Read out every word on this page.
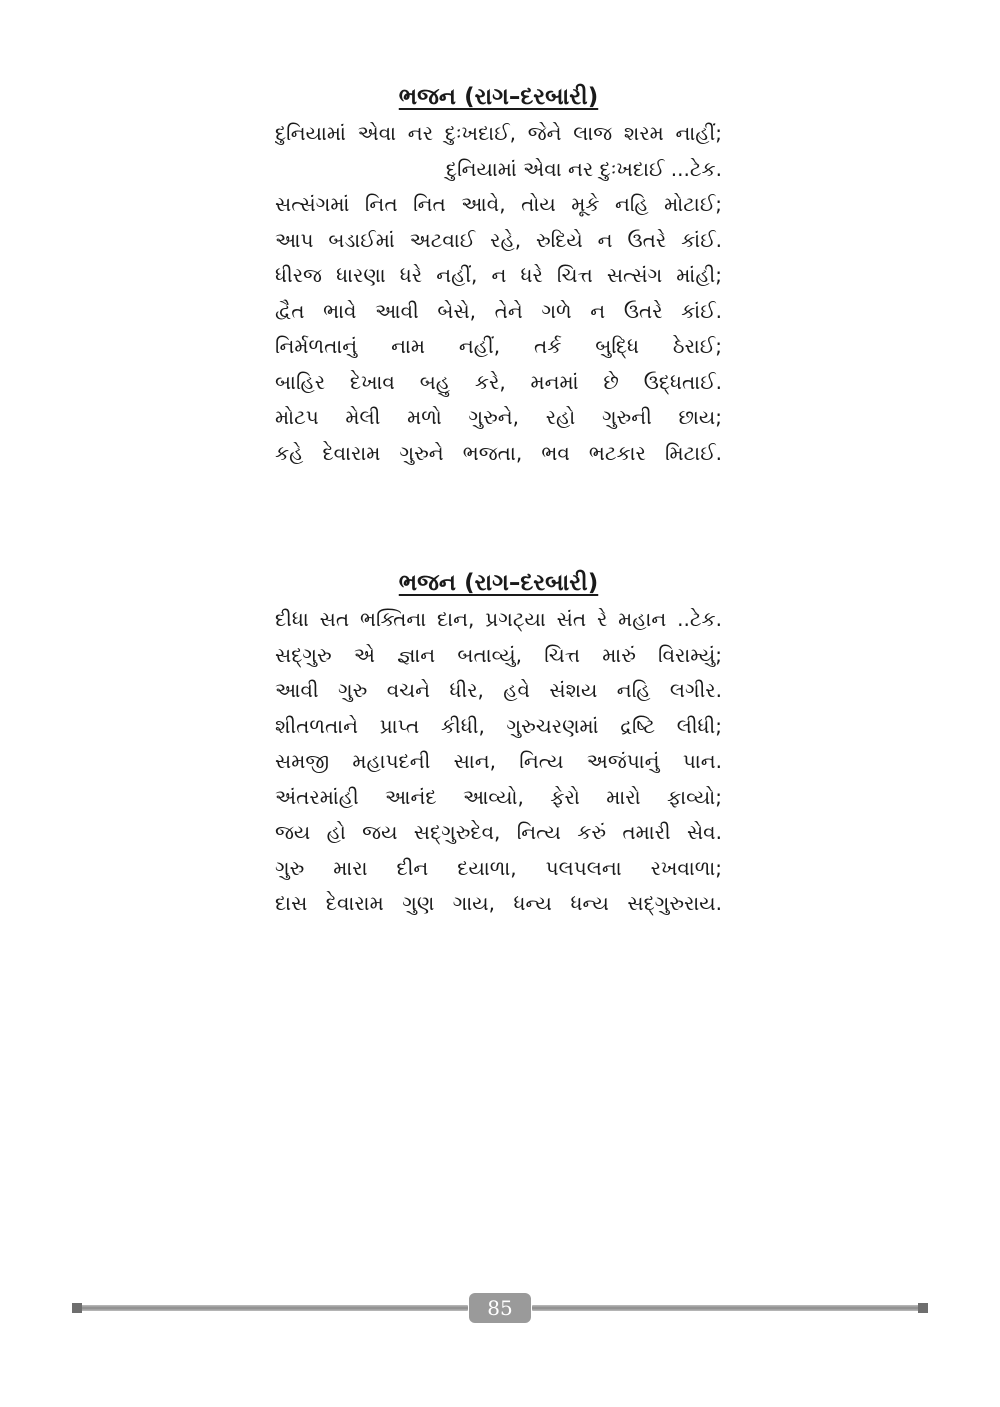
ભજન (રાગ–દરબારી)
દુનિયામાં એવા નર દુઃખદાઈ, જેને લાજ શરમ નાહીં;
દુનિયામાં એવા નર દુઃખદાઈ ...ટેક.
સત્સંગમાં નિત નિત આવે, તોય મૂકે નહિ મોટાઈ;
આપ બડાઈમાં અટવાઈ રહે, રુદિયે ન ઉતરે કાંઈ.
ધીરજ ધારણા ધરે નહીં, ન ધરે ચિત્ત સત્સંગ માંહી;
દ્વૈત ભાવે આવી બેસે, તેને ગળે ન ઉતરે કાંઈ.
નિર્મળતાનું નામ નહીં, તર્ક બુદ્ધિ ઠેરાઈ;
બાહિર દેખાવ બહુ કરે, મનમાં છે ઉદ્ધતાઈ.
મોટપ મેલી મળો ગુરુને, રહો ગુરુની છાય;
કહે દેવારામ ગુરુને ભજતા, ભવ ભટકાર મિટાઈ.
ભજન (રાગ–દરબારી)
દીધા સત ભક્તિના દાન, પ્રગટ્યા સંત રે મહાન ..ટેક.
સદ્ગુરુ એ જ્ઞાન બતાવ્યું, ચિત્ત મારું વિરામ્યું;
આવી ગુરુ વચને ધીર, હવે સંશય નહિ લગીર.
શીતળતાને પ્રાપ્ત કીધી, ગુરુચરણમાં દ્રષ્ટિ લીધી;
સમજી મહાપદની સાન, નિત્ય અજંપાનું પાન.
અંતરમાંહી આનંદ આવ્યો, ફેરો મારો ફાવ્યો;
જય હો જય સદ્ગુરુદેવ, નિત્ય કરું તમારી સેવ.
ગુરુ મારા દીન દયાળા, પલપલના રખવાળા;
દાસ દેવારામ ગુણ ગાય, ધન્ય ધન્ય સદ્ગુરુરાય.
85
